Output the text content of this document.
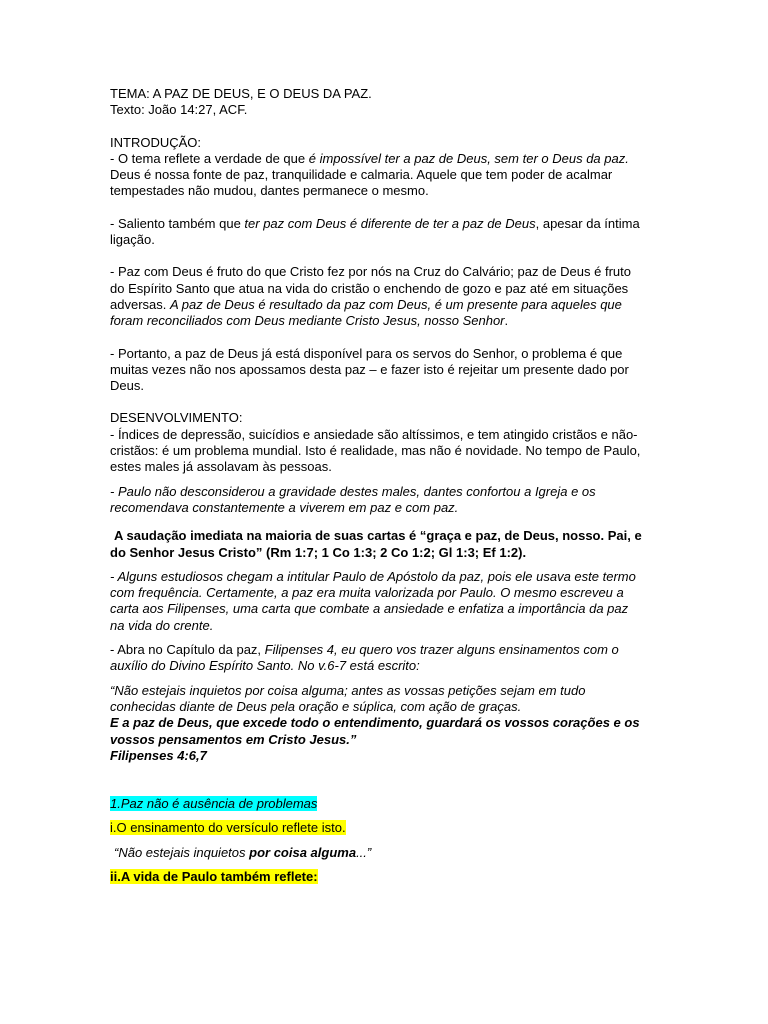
TEMA: A PAZ DE DEUS, E O DEUS DA PAZ.

Texto: João 14:27, ACF.

INTRODUÇÃO:

- O tema reflete a verdade de que é impossível ter a paz de Deus, sem ter o Deus da paz.

Deus é nossa fonte de paz, tranquilidade e calmaria. Aquele que tem poder de acalmar tempestades não mudou, dantes permanece o mesmo.

- Saliento também que ter paz com Deus é diferente de ter a paz de Deus, apesar da íntima ligação.

- Paz com Deus é fruto do que Cristo fez por nós na Cruz do Calvário; paz de Deus é fruto do Espírito Santo que atua na vida do cristão o enchendo de gozo e paz até em situações adversas. A paz de Deus é resultado da paz com Deus, é um presente para aqueles que foram reconciliados com Deus mediante Cristo Jesus, nosso Senhor.

- Portanto, a paz de Deus já está disponível para os servos do Senhor, o problema é que muitas vezes não nos apossamos desta paz – e fazer isto é rejeitar um presente dado por Deus.

DESENVOLVIMENTO:

- Índices de depressão, suicídios e ansiedade são altíssimos, e tem atingido cristãos e não-cristãos: é um problema mundial. Isto é realidade, mas não é novidade. No tempo de Paulo, estes males já assolavam às pessoas.

- Paulo não desconsiderou a gravidade destes males, dantes confortou a Igreja e os recomendava constantemente a viverem em paz e com paz.

A saudação imediata na maioria de suas cartas é “graça e paz, de Deus, nosso. Pai, e do Senhor Jesus Cristo” (Rm 1:7; 1 Co 1:3; 2 Co 1:2; Gl 1:3; Ef 1:2).

- Alguns estudiosos chegam a intitular Paulo de Apóstolo da paz, pois ele usava este termo com frequência. Certamente, a paz era muita valorizada por Paulo. O mesmo escreveu a carta aos Filipenses, uma carta que combate a ansiedade e enfatiza a importância da paz na vida do crente.

- Abra no Capítulo da paz, Filipenses 4, eu quero vos trazer alguns ensinamentos com o auxílio do Divino Espírito Santo. No v.6-7 está escrito:

“Não estejais inquietos por coisa alguma; antes as vossas petições sejam em tudo conhecidas diante de Deus pela oração e súplica, com ação de graças.

E a paz de Deus, que excede todo o entendimento, guardará os vossos corações e os vossos pensamentos em Cristo Jesus.”

Filipenses 4:6,7

1.Paz não é ausência de problemas

i.O ensinamento do versículo reflete isto.

“Não estejais inquietos por coisa alguma...”

ii.A vida de Paulo também reflete:
